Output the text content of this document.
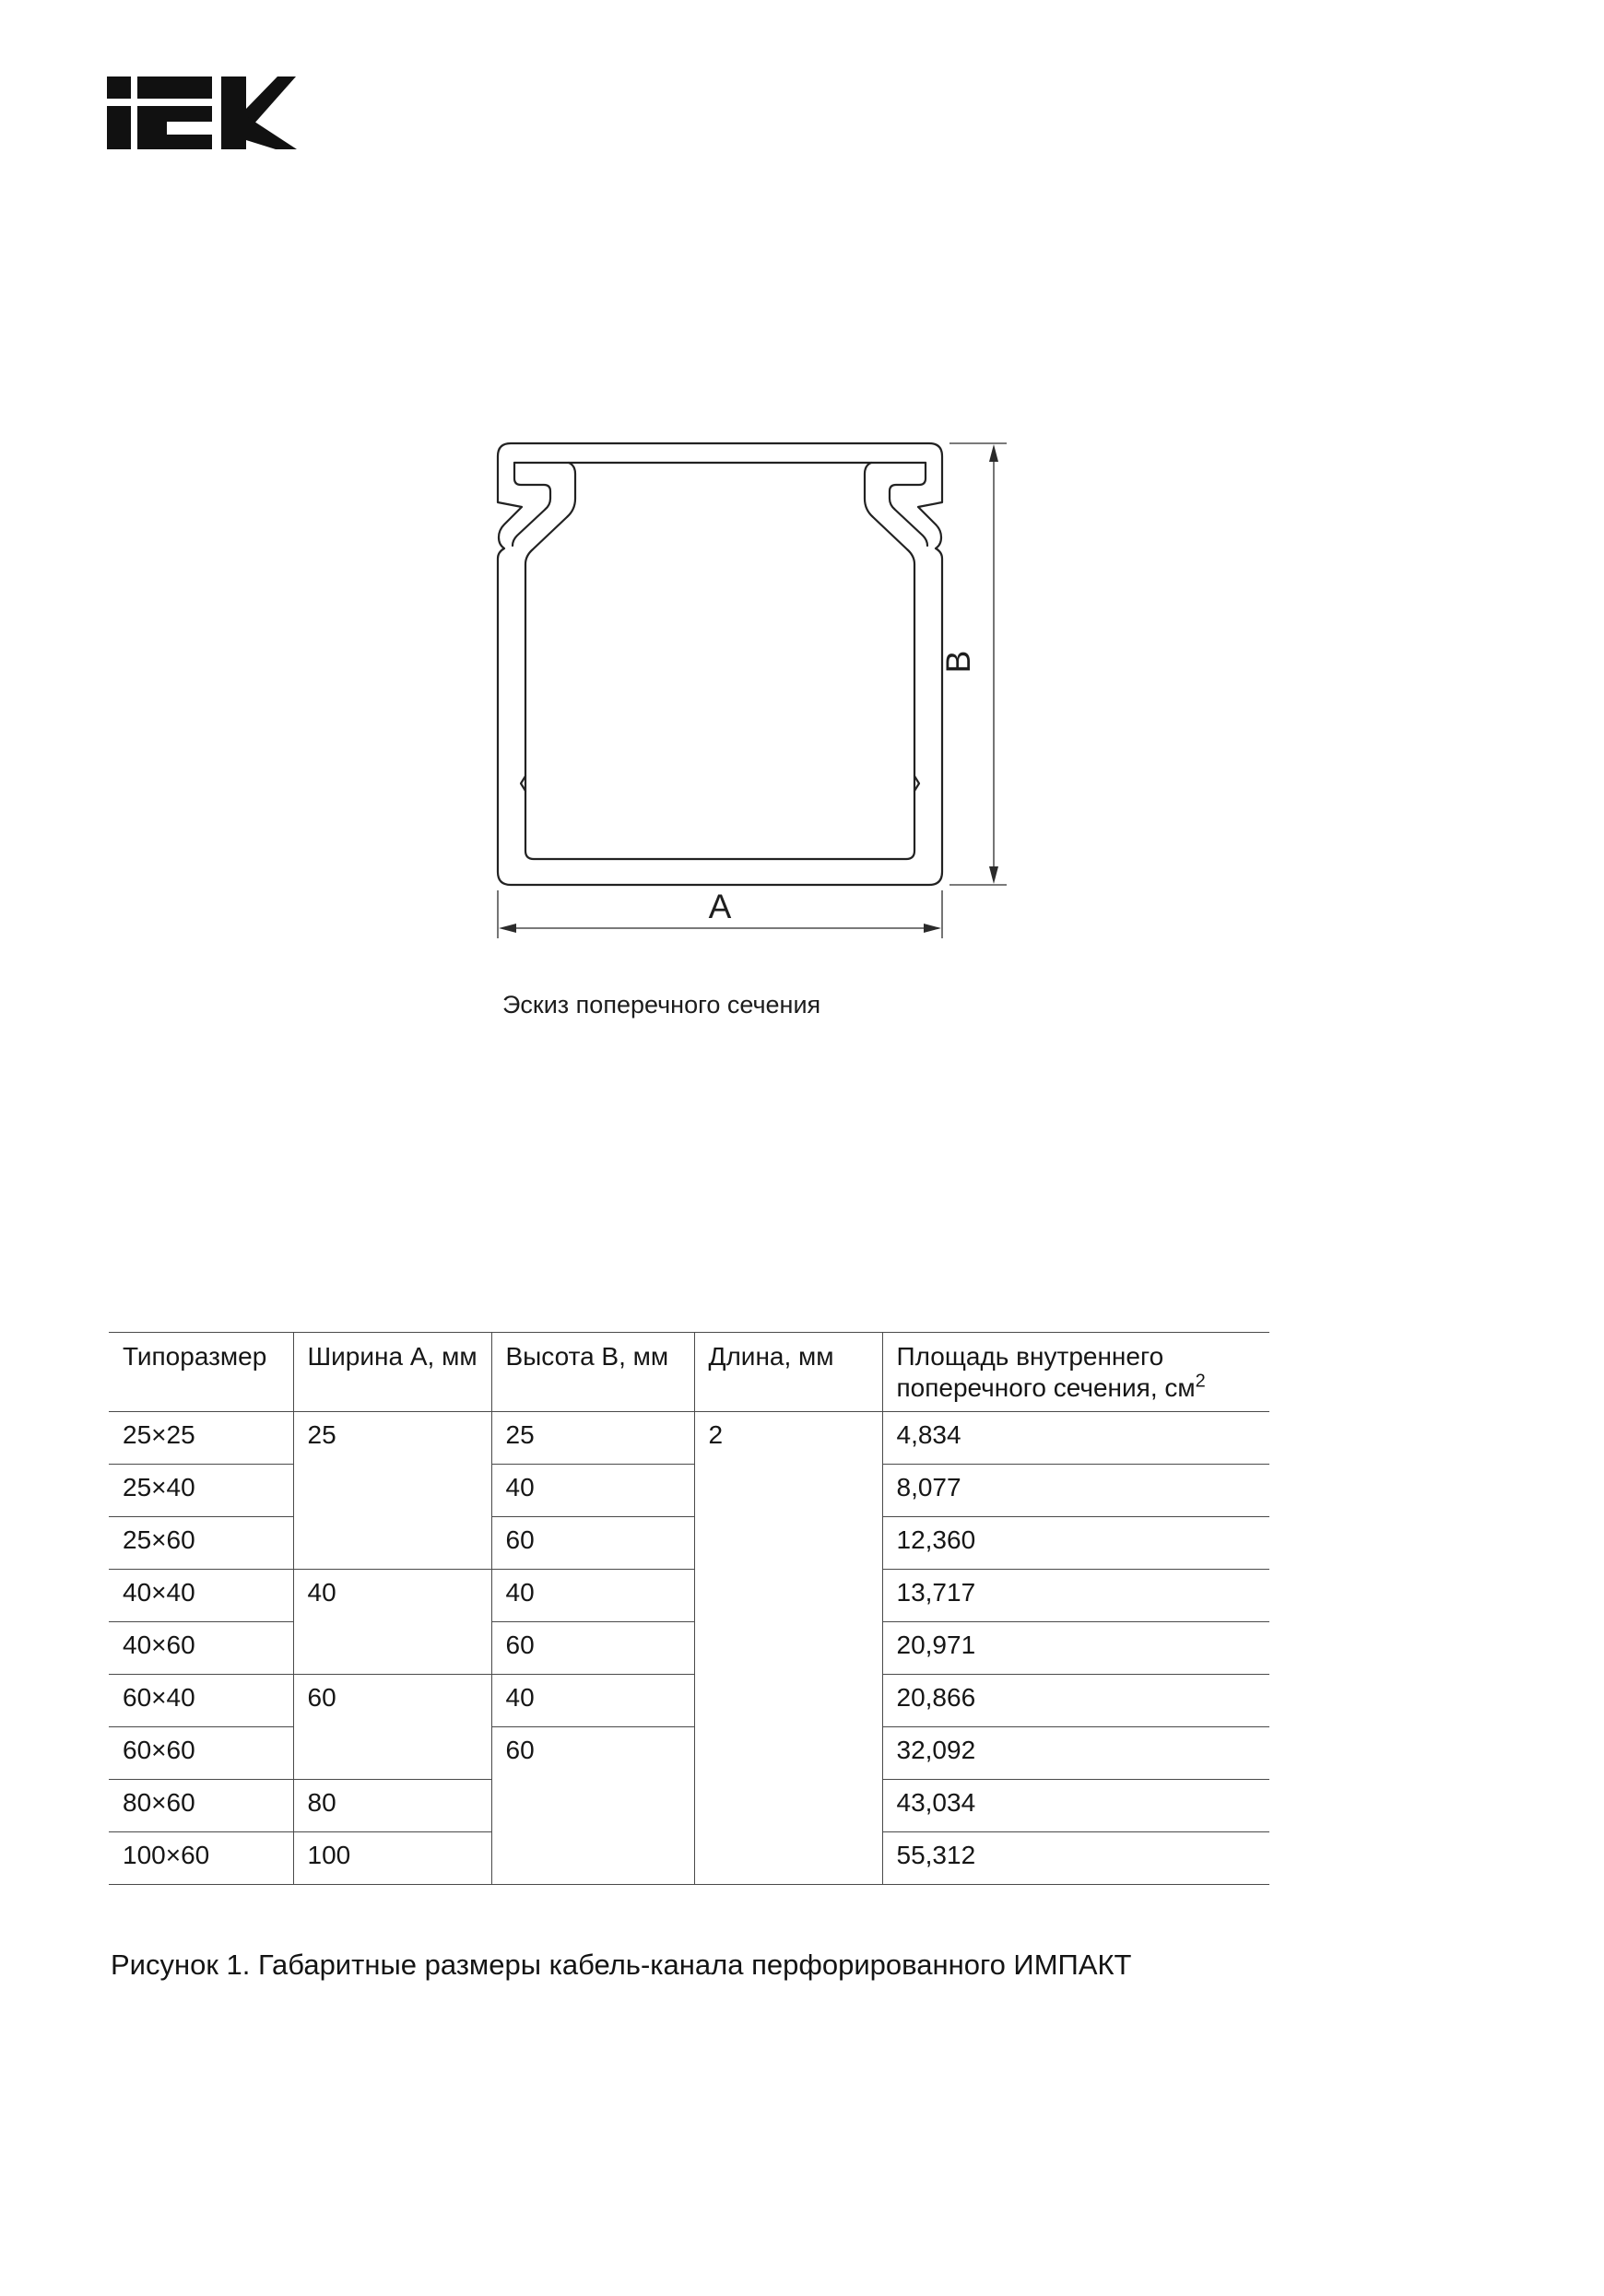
B
A
Эскиз поперечного сечения
Типоразмер	Ширина А, мм	Высота В, мм	Длина, мм	Площадь внутреннего поперечного сечения, $см^2$
25×25	25	25	2	4,834
25×40		40		8,077
25×60		60		12,360
40×40	40	40		13,717
40×60		60		20,971
60×40	60	40		20,866
60×60		60		32,092
80×60	80			43,034
100×60	100			55,312
Рисунок 1. Габаритные размеры кабель-канала перфорированного ИМПАКТ
